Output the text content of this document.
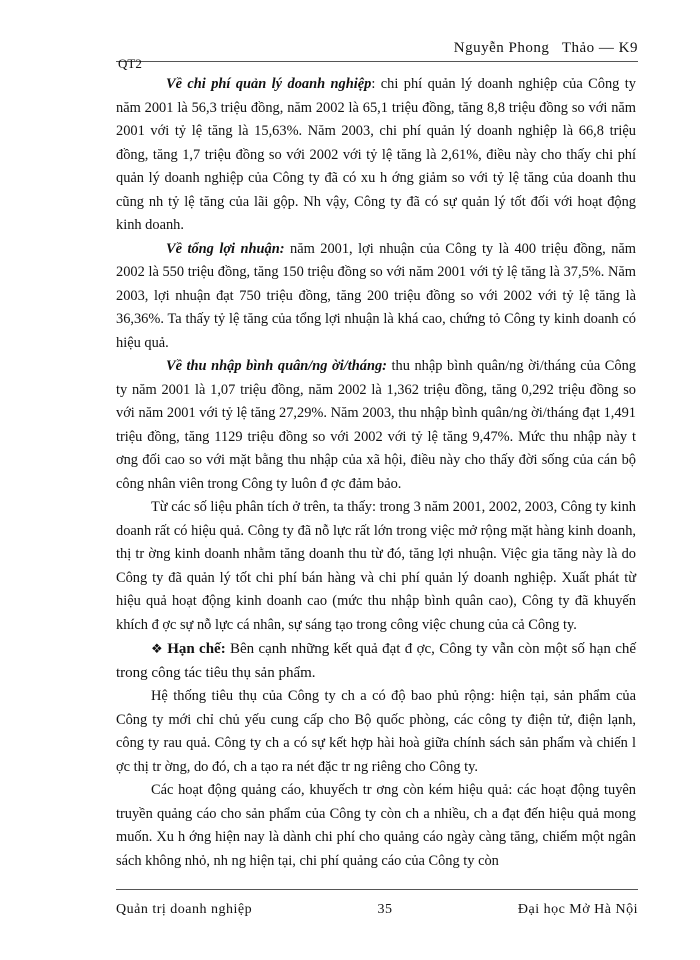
Nguyễn Phong   Thảo — K9
QT2

Về chi phí quản lý doanh nghiệp: chi phí quản lý doanh nghiệp của Công ty năm 2001 là 56,3 triệu đồng, năm 2002 là 65,1 triệu đồng, tăng 8,8 triệu đồng so với năm 2001 với tỷ lệ tăng là 15,63%. Năm 2003, chi phí quản lý doanh nghiệp là 66,8 triệu đồng, tăng 1,7 triệu đồng so với 2002 với tỷ lệ tăng là 2,61%, điều này cho thấy chi phí quản lý doanh nghiệp của Công ty đã có xu h ớng giảm so với tỷ lệ tăng của doanh thu cũng nh tỷ lệ tăng của lãi gộp. Nh vậy, Công ty đã có sự quản lý tốt đối với hoạt động kinh doanh.

Về tổng lợi nhuận: năm 2001, lợi nhuận của Công ty là 400 triệu đồng, năm 2002 là 550 triệu đồng, tăng 150 triệu đồng so với năm 2001 với tỷ lệ tăng là 37,5%. Năm 2003, lợi nhuận đạt 750 triệu đồng, tăng 200 triệu đồng so với 2002 với tỷ lệ tăng là 36,36%. Ta thấy tỷ lệ tăng của tổng lợi nhuận là khá cao, chứng tỏ Công ty kinh doanh có hiệu quả.

Về thu nhập bình quân/ng ời/tháng: thu nhập bình quân/ng ời/tháng của Công ty năm 2001 là 1,07 triệu đồng, năm 2002 là 1,362 triệu đồng, tăng 0,292 triệu đồng so với năm 2001 với tỷ lệ tăng 27,29%. Năm 2003, thu nhập bình quân/ng ời/tháng đạt 1,491 triệu đồng, tăng 1129 triệu đồng so với 2002 với tỷ lệ tăng 9,47%. Mức thu nhập này t ơng đối cao so với mặt bằng thu nhập của xã hội, điều này cho thấy đời sống của cán bộ công nhân viên trong Công ty luôn đ ợc đảm bảo.

Từ các số liệu phân tích ở trên, ta thấy: trong 3 năm 2001, 2002, 2003, Công ty kinh doanh rất có hiệu quả. Công ty đã nỗ lực rất lớn trong việc mở rộng mặt hàng kinh doanh, thị tr ờng kinh doanh nhằm tăng doanh thu từ đó, tăng lợi nhuận. Việc gia tăng này là do Công ty đã quản lý tốt chi phí bán hàng và chi phí quản lý doanh nghiệp. Xuất phát từ hiệu quả hoạt động kinh doanh cao (mức thu nhập bình quân cao), Công ty đã khuyến khích đ ợc sự nỗ lực cá nhân, sự sáng tạo trong công việc chung của cả Công ty.

❖ Hạn chế: Bên cạnh những kết quả đạt đ ợc, Công ty vẫn còn một số hạn chế trong công tác tiêu thụ sản phẩm.

Hệ thống tiêu thụ của Công ty ch a có độ bao phủ rộng: hiện tại, sản phẩm của Công ty mới chỉ chủ yếu cung cấp cho Bộ quốc phòng, các công ty điện tử, điện lạnh, công ty rau quả. Công ty ch a có sự kết hợp hài hoà giữa chính sách sản phẩm và chiến l ợc thị tr ờng, do đó, ch a tạo ra nét đặc tr ng riêng cho Công ty.

Các hoạt động quảng cáo, khuyếch tr ơng còn kém hiệu quả: các hoạt động tuyên truyền quảng cáo cho sản phẩm của Công ty còn ch a nhiều, ch a đạt đến hiệu quả mong muốn. Xu h ớng hiện nay là dành chi phí cho quảng cáo ngày càng tăng, chiếm một ngân sách không nhỏ, nh ng hiện tại, chi phí quảng cáo của Công ty còn

Quản trị doanh nghiệp	35	Đại học Mở Hà Nội
